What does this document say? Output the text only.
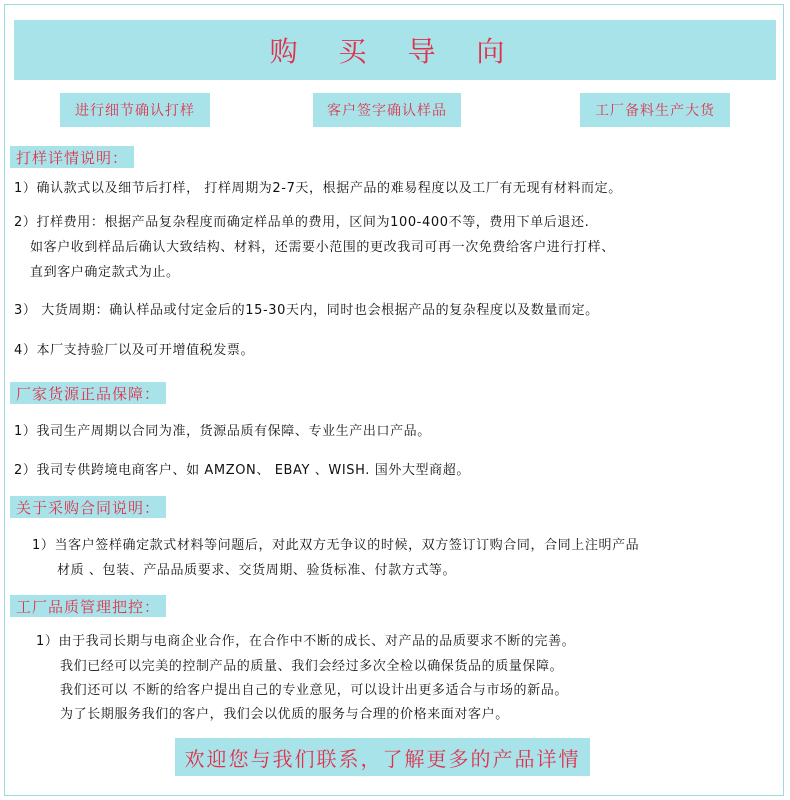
购 买 导 向
进行细节确认打样	客户签字确认样品	工厂备料生产大货
打样详情说明：
1）确认款式以及细节后打样， 打样周期为2-7天，根据产品的难易程度以及工厂有无现有材料而定。
2）打样费用：根据产品复杂程度而确定样品单的费用，区间为100-400不等，费用下单后退还.
如客户收到样品后确认大致结构、材料，还需要小范围的更改我司可再一次免费给客户进行打样、
直到客户确定款式为止。
3） 大货周期：确认样品或付定金后的15-30天内，同时也会根据产品的复杂程度以及数量而定。
4）本厂支持验厂以及可开增值税发票。
厂家货源正品保障：
1）我司生产周期以合同为准，货源品质有保障、专业生产出口产品。
2）我司专供跨境电商客户、如 AMZON、 EBAY 、WISH. 国外大型商超。
关于采购合同说明：
1）当客户签样确定款式材料等问题后，对此双方无争议的时候，双方签订订购合同，合同上注明产品
材质 、包装、产品品质要求、交货周期、验货标准、付款方式等。
工厂品质管理把控：
1）由于我司长期与电商企业合作，在合作中不断的成长、对产品的品质要求不断的完善。
我们已经可以完美的控制产品的质量、我们会经过多次全检以确保货品的质量保障。
我们还可以 不断的给客户提出自己的专业意见，可以设计出更多适合与市场的新品。
为了长期服务我们的客户，我们会以优质的服务与合理的价格来面对客户。
欢迎您与我们联系，了解更多的产品详情
